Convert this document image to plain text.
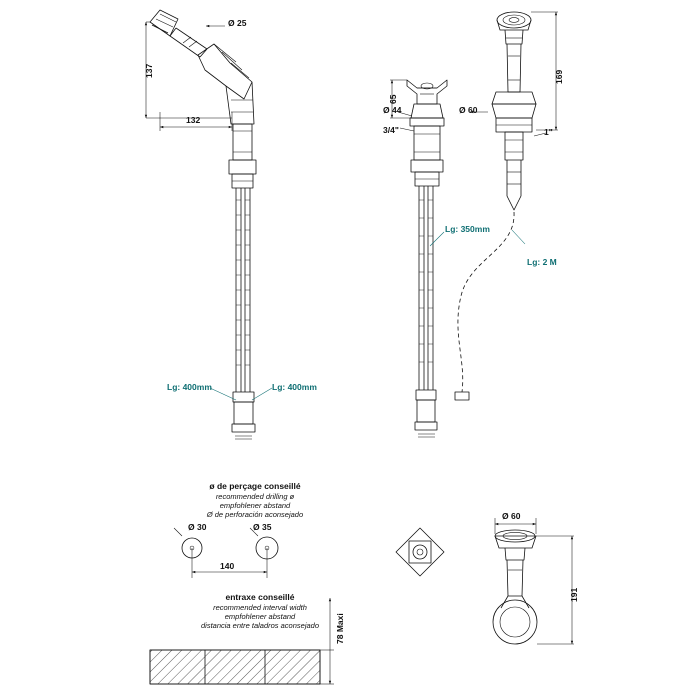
Ø 25
137
132
Lg: 400mm	Lg: 400mm
65
Ø 44
3/4"
Lg: 350mm
169
Ø 60
1"
Lg: 2 M
ø de perçage conseillé
recommended drilling ø
empfohlener abstand
Ø de perforación aconsejado
Ø 30	Ø 35
140
entraxe conseillé
recommended interval width
empfohlener abstand
distancia entre taladros aconsejado	78 Maxi
Ø 60
191
